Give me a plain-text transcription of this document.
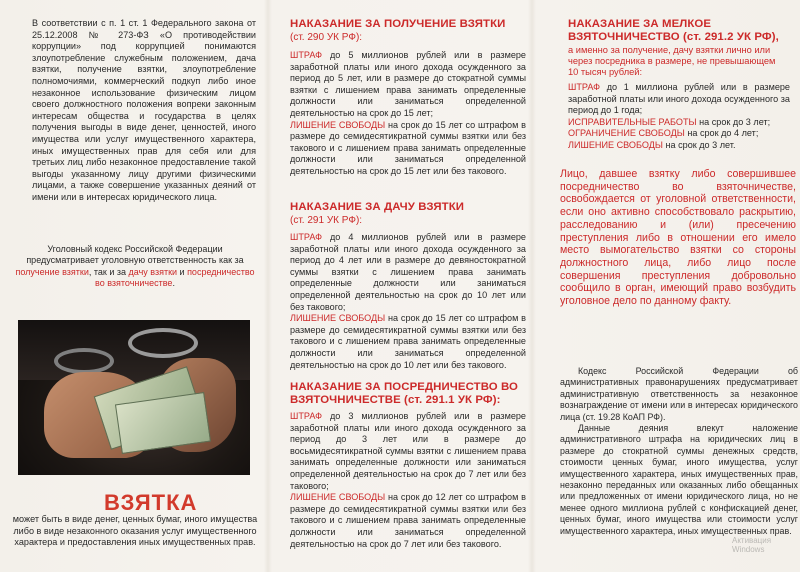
В соответствии с п. 1 ст. 1 Федерального закона от 25.12.2008 № 273-ФЗ «О противодействии коррупции» под коррупцией понимаются злоупотребление служебным положением, дача взятки, получение взятки, злоупотребление полномочиями, коммерческий подкуп либо иное незаконное использование физическим лицом своего должностного положения вопреки законным интересам общества и государства в целях получения выгоды в виде денег, ценностей, иного имущества или услуг имущественного характера, иных имущественных прав для себя или для третьих лиц либо незаконное предоставление такой выгоды указанному лицу другими физическими лицами, а также совершение указанных деяний от имени или в интересах юридического лица.

Уголовный кодекс Российской Федерации предусматривает уголовную ответственность как за получение взятки, так и за дачу взятки и посредничество во взяточничестве.

ВЗЯТКА

может быть в виде денег, ценных бумаг, иного имущества либо в виде незаконного оказания услуг имущественного характера и предоставления иных имущественных прав.

НАКАЗАНИЕ ЗА ПОЛУЧЕНИЕ ВЗЯТКИ
(ст. 290 УК РФ):

ШТРАФ до 5 миллионов рублей или в размере заработной платы или иного дохода осужденного за период до 5 лет, или в размере до стократной суммы взятки с лишением права занимать определенные должности или заниматься определенной деятельностью на срок до 15 лет;
ЛИШЕНИЕ СВОБОДЫ на срок до 15 лет со штрафом в размере до семидесятикратной суммы взятки или без такового и с лишением права занимать определенные должности или заниматься определенной деятельностью на срок до 15 лет или без такового.

НАКАЗАНИЕ ЗА ДАЧУ ВЗЯТКИ
(ст. 291 УК РФ):

ШТРАФ до 4 миллионов рублей или в размере заработной платы или иного дохода осужденного за период до 4 лет или в размере до девяностократной суммы взятки с лишением права занимать определенные должности или заниматься определенной деятельностью на срок до 10 лет или без такового;
ЛИШЕНИЕ СВОБОДЫ на срок до 15 лет со штрафом в размере до семидесятикратной суммы взятки или без такового и с лишением права занимать определенные должности или заниматься определенной деятельностью на срок до 10 лет или без такового.

НАКАЗАНИЕ ЗА ПОСРЕДНИЧЕСТВО ВО ВЗЯТОЧНИЧЕСТВЕ (ст. 291.1 УК РФ):

ШТРАФ до 3 миллионов рублей или в размере заработной платы или иного дохода осужденного за период до 3 лет или в размере до восьмидесятикратной суммы взятки с лишением права занимать определенные должности или заниматься определенной деятельностью на срок до 7 лет или без такового;
ЛИШЕНИЕ СВОБОДЫ на срок до 12 лет со штрафом в размере до семидесятикратной суммы взятки или без такового и с лишением права занимать определенные должности или заниматься определенной деятельностью на срок до 7 лет или без такового.

НАКАЗАНИЕ ЗА МЕЛКОЕ ВЗЯТОЧНИЧЕСТВО (ст. 291.2 УК РФ),

а именно за получение, дачу взятки лично или через посредника в размере, не превышающем 10 тысяч рублей:

ШТРАФ до 1 миллиона рублей или в размере заработной платы или иного дохода осужденного за период до 1 года;
ИСПРАВИТЕЛЬНЫЕ РАБОТЫ на срок до 3 лет;
ОГРАНИЧЕНИЕ СВОБОДЫ на срок до 4 лет;
ЛИШЕНИЕ СВОБОДЫ на срок до 3 лет.

Лицо, давшее взятку либо совершившее посредничество во взяточничестве, освобождается от уголовной ответственности, если оно активно способствовало раскрытию, расследованию и (или) пресечению преступления либо в отношении его имело место вымогательство взятки со стороны должностного лица, либо лицо после совершения преступления добровольно сообщило в орган, имеющий право возбудить уголовное дело по данному факту.

Кодекс Российской Федерации об административных правонарушениях предусматривает административную ответственность за незаконное вознаграждение от имени или в интересах юридического лица (ст. 19.28 КоАП РФ).

Данные деяния влекут наложение административного штрафа на юридических лиц в размере до стократной суммы денежных средств, стоимости ценных бумаг, иного имущества, услуг имущественного характера, иных имущественных прав, незаконно переданных или оказанных либо обещанных или предложенных от имени юридического лица, но не менее одного миллиона рублей с конфискацией денег, ценных бумаг, иного имущества или стоимости услуг имущественного характера, иных имущественных прав.

Активация Windows
